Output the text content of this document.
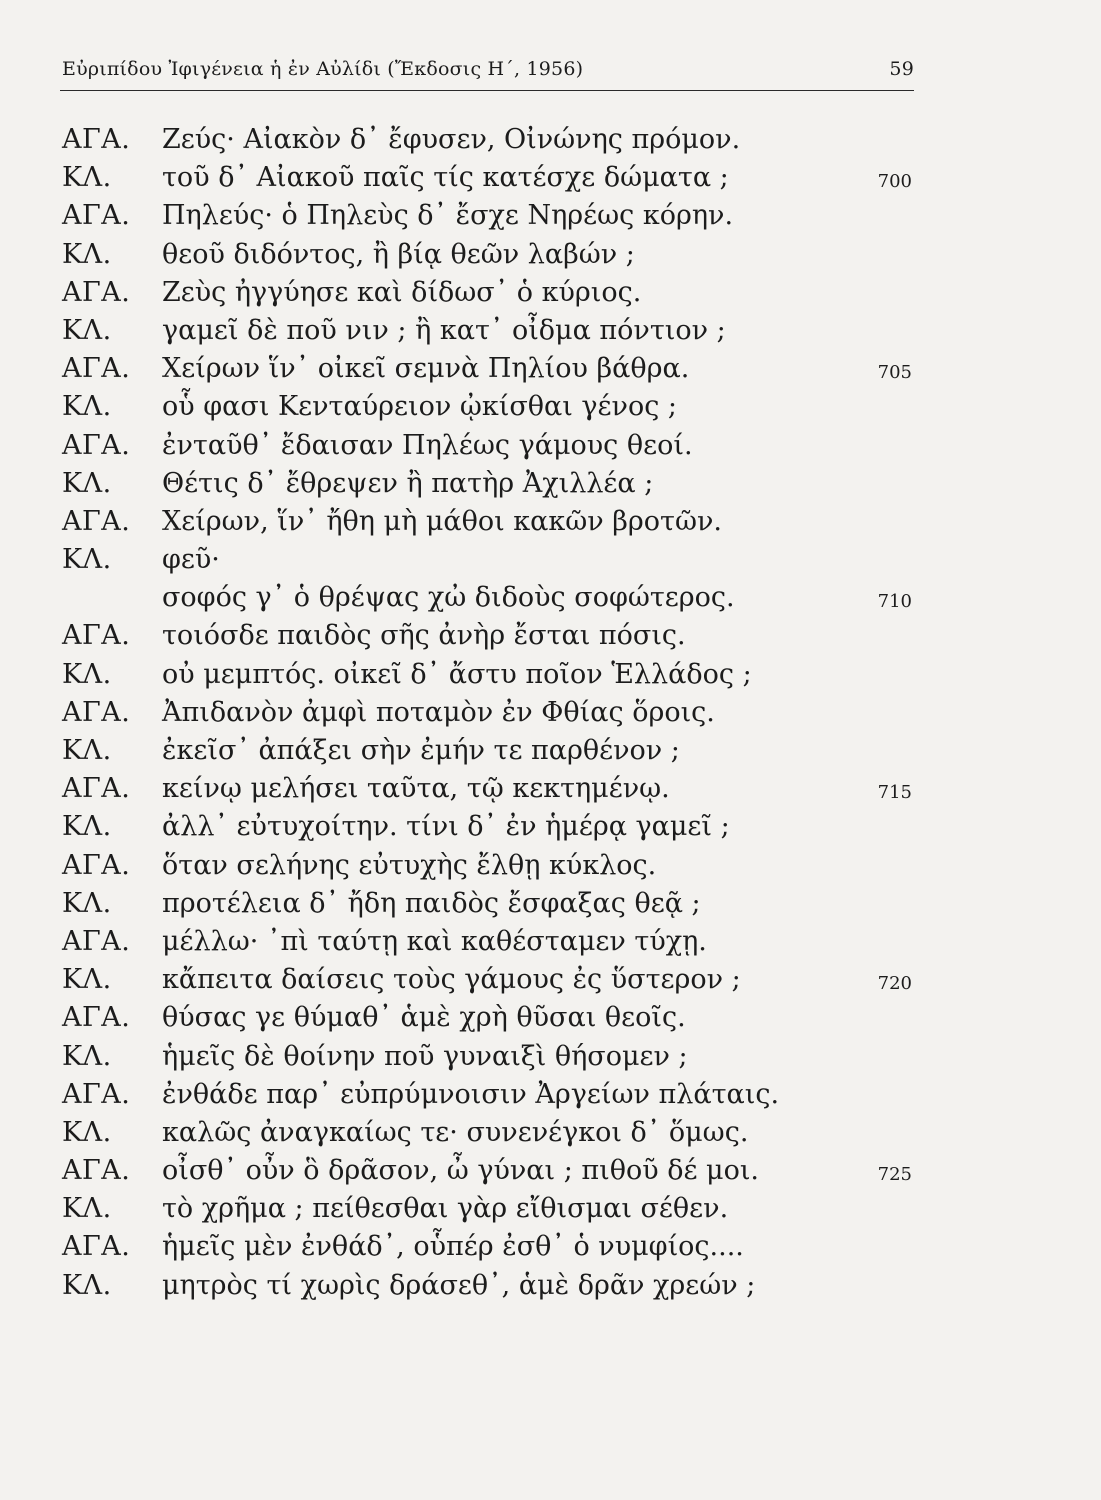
Εὐριπίδου Ἰφιγένεια ἡ ἐν Αὐλίδι (Ἔκδοσις Η΄, 1956)	59
ΑΓΑ. Ζεύς· Αἰακὸν δ᾽ ἔφυσεν, Οἰνώνης πρόμον.
ΚΛ. τοῦ δ᾽ Αἰακοῦ παῖς τίς κατέσχε δώματα ;	700
ΑΓΑ. Πηλεύς· ὁ Πηλεὺς δ᾽ ἔσχε Νηρέως κόρην.
ΚΛ. θεοῦ διδόντος, ἢ βίᾳ θεῶν λαβών ;
ΑΓΑ. Ζεὺς ἠγγύησε καὶ δίδωσ᾽ ὁ κύριος.
ΚΛ. γαμεῖ δὲ ποῦ νιν ; ἢ κατ᾽ οἶδμα πόντιον ;
ΑΓΑ. Χείρων ἵν᾽ οἰκεῖ σεμνὰ Πηλίου βάθρα.	705
ΚΛ. οὗ φασι Κενταύρειον ᾠκίσθαι γένος ;
ΑΓΑ. ἐνταῦθ᾽ ἔδαισαν Πηλέως γάμους θεοί.
ΚΛ. Θέτις δ᾽ ἔθρεψεν ἢ πατὴρ Ἀχιλλέα ;
ΑΓΑ. Χείρων, ἵν᾽ ἤθη μὴ μάθοι κακῶν βροτῶν.
ΚΛ. φεῦ·
σοφός γ᾽ ὁ θρέψας χὠ διδοὺς σοφώτερος.	710
ΑΓΑ. τοιόσδε παιδὸς σῆς ἀνὴρ ἔσται πόσις.
ΚΛ. οὐ μεμπτός. οἰκεῖ δ᾽ ἄστυ ποῖον Ἑλλάδος ;
ΑΓΑ. Ἀπιδανὸν ἀμφὶ ποταμὸν ἐν Φθίας ὅροις.
ΚΛ. ἐκεῖσ᾽ ἀπάξει σὴν ἐμήν τε παρθένον ;
ΑΓΑ. κείνῳ μελήσει ταῦτα, τῷ κεκτημένῳ.	715
ΚΛ. ἀλλ᾽ εὐτυχοίτην. τίνι δ᾽ ἐν ἡμέρᾳ γαμεῖ ;
ΑΓΑ. ὅταν σελήνης εὐτυχὴς ἔλθῃ κύκλος.
ΚΛ. προτέλεια δ᾽ ἤδη παιδὸς ἔσφαξας θεᾷ ;
ΑΓΑ. μέλλω· ᾽πὶ ταύτῃ καὶ καθέσταμεν τύχῃ.
ΚΛ. κἄπειτα δαίσεις τοὺς γάμους ἐς ὕστερον ;	720
ΑΓΑ. θύσας γε θύμαθ᾽ ἁμὲ χρὴ θῦσαι θεοῖς.
ΚΛ. ἡμεῖς δὲ θοίνην ποῦ γυναιξὶ θήσομεν ;
ΑΓΑ. ἐνθάδε παρ᾽ εὐπρύμνοισιν Ἀργείων πλάταις.
ΚΛ. καλῶς ἀναγκαίως τε· συνενέγκοι δ᾽ ὅμως.
ΑΓΑ. οἶσθ᾽ οὖν ὃ δρᾶσον, ὦ γύναι ; πιθοῦ δέ μοι.	725
ΚΛ. τὸ χρῆμα ; πείθεσθαι γὰρ εἴθισμαι σέθεν.
ΑΓΑ. ἡμεῖς μὲν ἐνθάδ᾽, οὗπέρ ἐσθ᾽ ὁ νυμφίος....
ΚΛ. μητρὸς τί χωρὶς δράσεθ᾽, ἁμὲ δρᾶν χρεών ;
